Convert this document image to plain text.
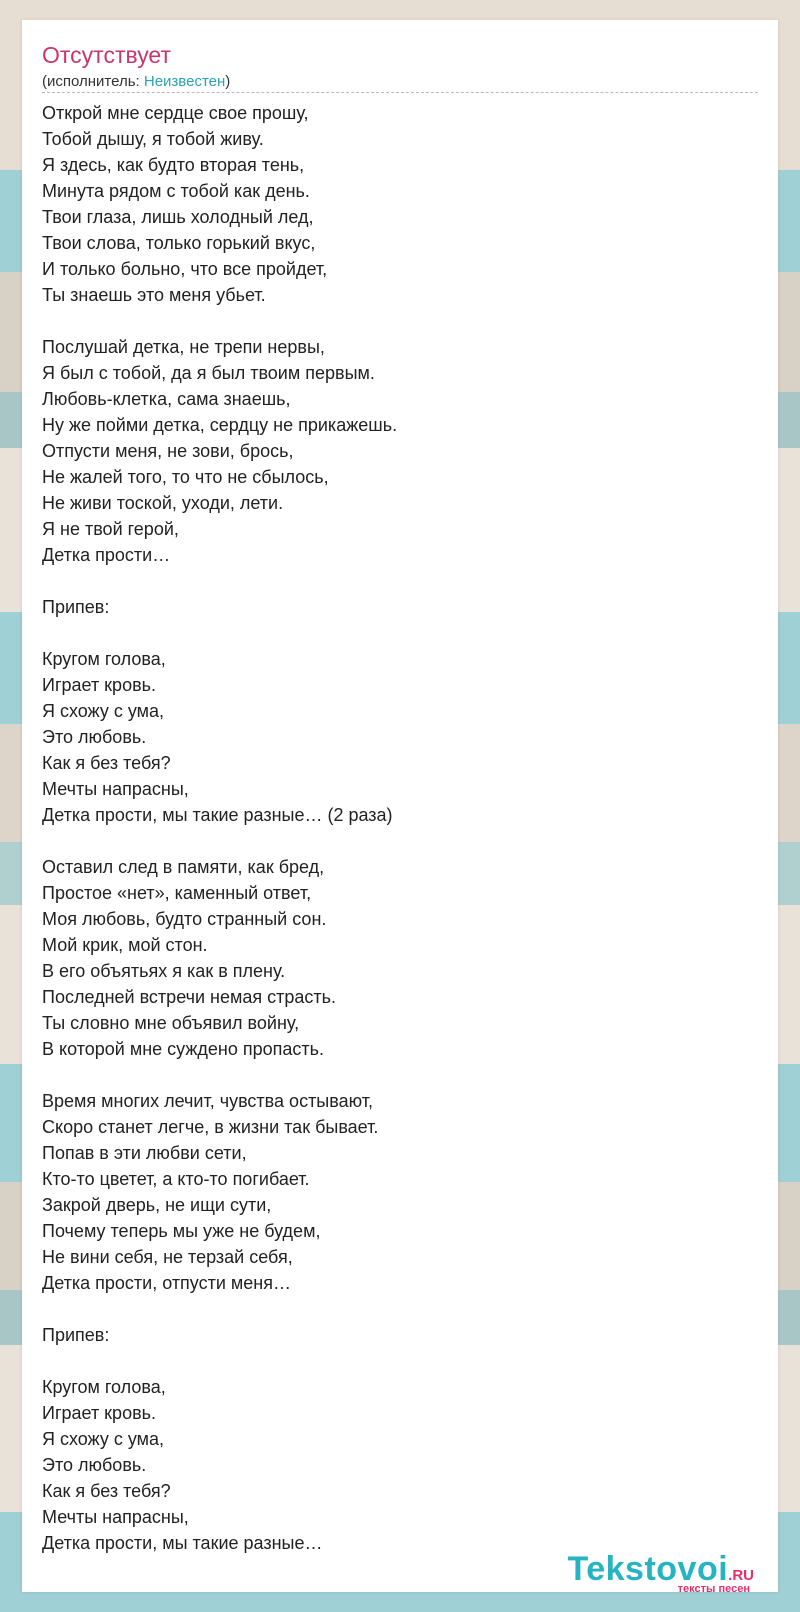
Отсутствует
(исполнитель: Неизвестен)
Открой мне сердце свое прошу,
Тобой дышу, я тобой живу.
Я здесь, как будто вторая тень,
Минута рядом с тобой как день.
Твои глаза, лишь холодный лед,
Твои слова, только горький вкус,
И только больно, что все пройдет,
Ты знаешь это меня убьет.

Послушай детка, не трепи нервы,
Я был с тобой, да я был твоим первым.
Любовь-клетка, сама знаешь,
Ну же пойми детка, сердцу не прикажешь.
Отпусти меня, не зови, брось,
Не жалей того, то что не сбылось,
Не живи тоской, уходи, лети.
Я не твой герой,
Детка прости…

Припев:

Кругом голова,
Играет кровь.
Я схожу с ума,
Это любовь.
Как я без тебя?
Мечты напрасны,
Детка прости, мы такие разные… (2 раза)

Оставил след в памяти, как бред,
Простое «нет», каменный ответ,
Моя любовь, будто странный сон.
Мой крик, мой стон.
В его объятьях я как в плену.
Последней встречи немая страсть.
Ты словно мне объявил войну,
В которой мне суждено пропасть.

Время многих лечит, чувства остывают,
Скоро станет легче, в жизни так бывает.
Попав в эти любви сети,
Кто-то цветет, а кто-то погибает.
Закрой дверь, не ищи сути,
Почему теперь мы уже не будем,
Не вини себя, не терзай себя,
Детка прости, отпусти меня…

Припев:

Кругом голова,
Играет кровь.
Я схожу с ума,
Это любовь.
Как я без тебя?
Мечты напрасны,
Детка прости, мы такие разные…
Tekstovoi.RU
тексты песен
